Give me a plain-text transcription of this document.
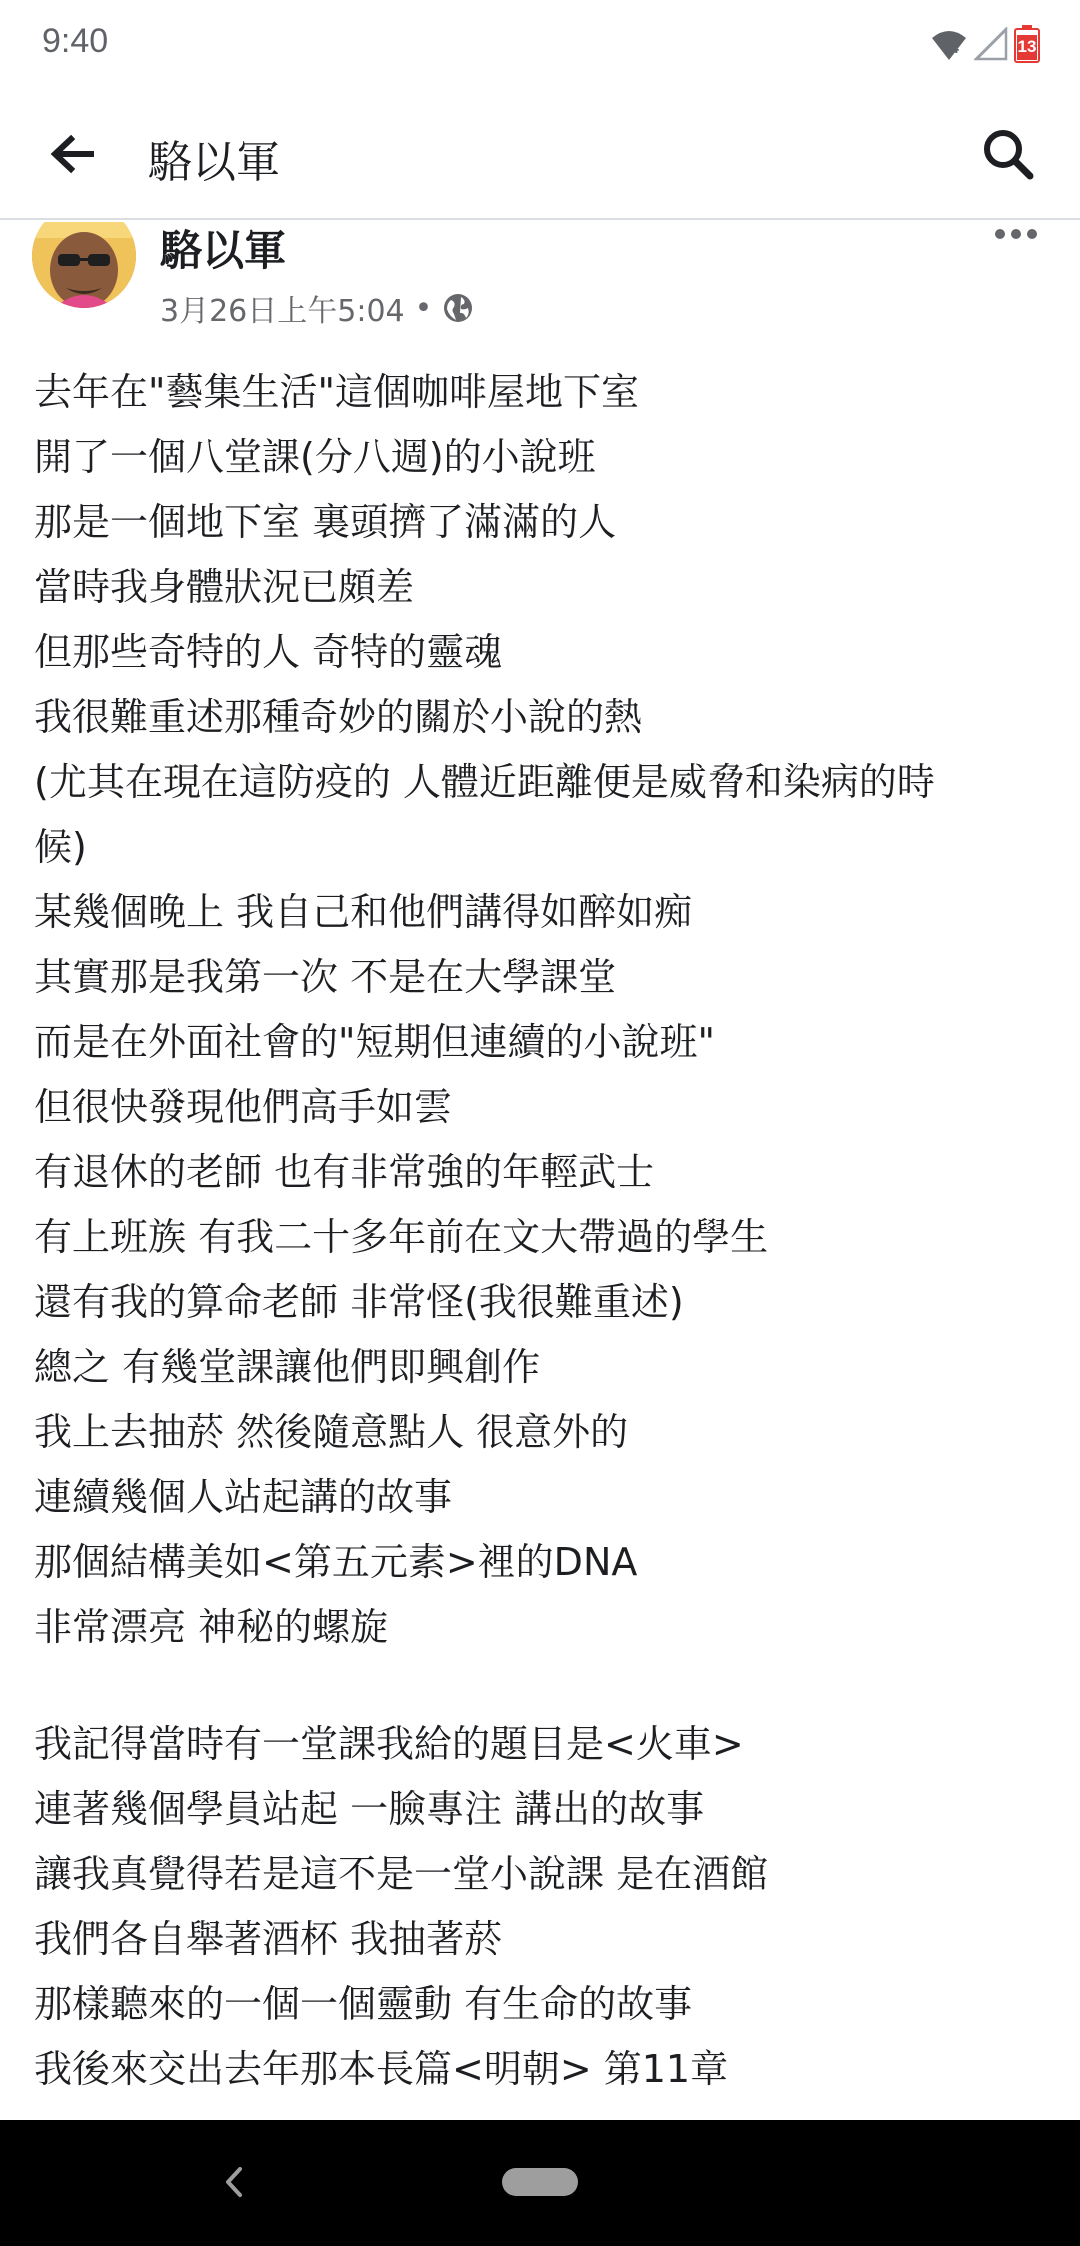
9:40	4	13
駱以軍
駱以軍
3月26日上午5:04 •
去年在"藝集生活"這個咖啡屋地下室
開了一個八堂課(分八週)的小說班
那是一個地下室 裏頭擠了滿滿的人
當時我身體狀況已頗差
但那些奇特的人 奇特的靈魂
我很難重述那種奇妙的關於小說的熱
(尤其在現在這防疫的 人體近距離便是威脅和染病的時
候)
某幾個晚上 我自己和他們講得如醉如痴
其實那是我第一次 不是在大學課堂
而是在外面社會的"短期但連續的小說班"
但很快發現他們高手如雲
有退休的老師 也有非常強的年輕武士
有上班族 有我二十多年前在文大帶過的學生
還有我的算命老師 非常怪(我很難重述)
總之 有幾堂課讓他們即興創作
我上去抽菸 然後隨意點人 很意外的
連續幾個人站起講的故事
那個結構美如<第五元素>裡的DNA
非常漂亮 神秘的螺旋
我記得當時有一堂課我給的題目是<火車>
連著幾個學員站起 一臉專注 講出的故事
讓我真覺得若是這不是一堂小說課 是在酒館
我們各自舉著酒杯 我抽著菸
那樣聽來的一個一個靈動 有生命的故事
我後來交出去年那本長篇<明朝> 第11章
